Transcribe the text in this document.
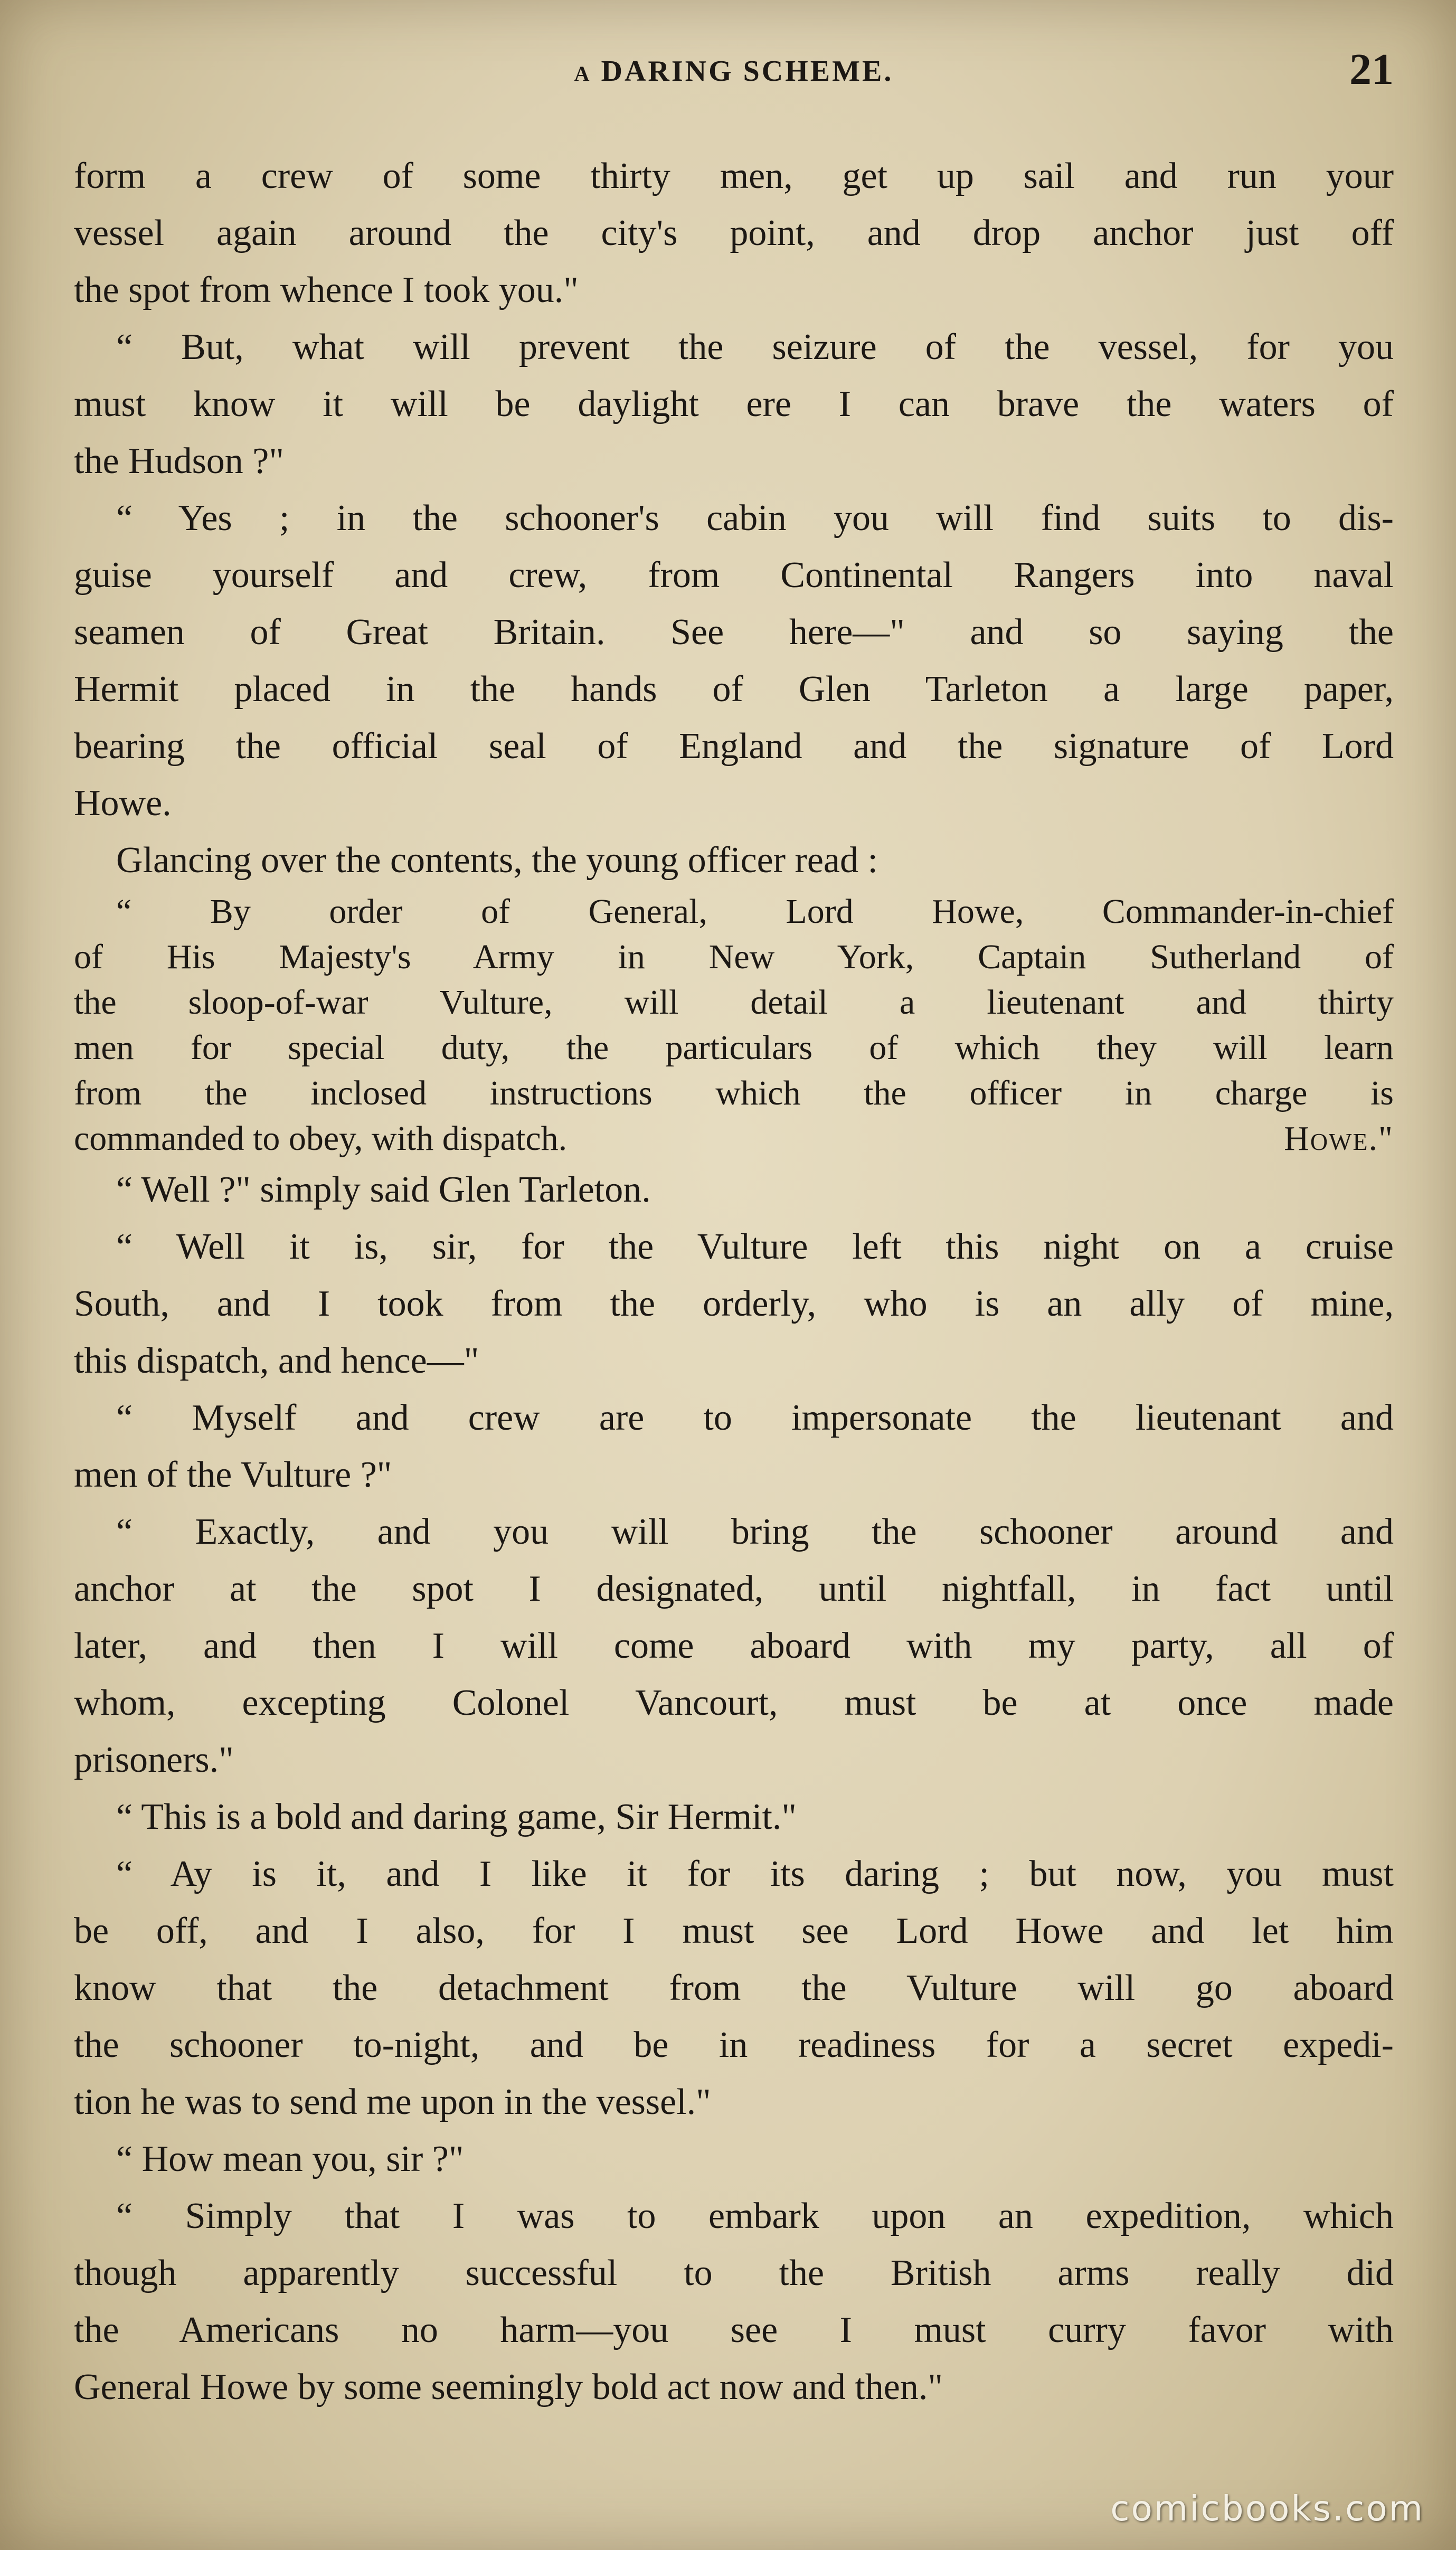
A DARING SCHEME.	21
form a crew of some thirty men, get up sail and run your
vessel again around the city's point, and drop anchor just off
the spot from whence I took you."
“ But, what will prevent the seizure of the vessel, for you
must know it will be daylight ere I can brave the waters of
the Hudson ?"
“ Yes ; in the schooner's cabin you will find suits to dis-
guise yourself and crew, from Continental Rangers into naval
seamen of Great Britain. See here—" and so saying the
Hermit placed in the hands of Glen Tarleton a large paper,
bearing the official seal of England and the signature of Lord
Howe.
Glancing over the contents, the young officer read :
“ By order of General, Lord Howe, Commander-in-chief
of His Majesty's Army in New York, Captain Sutherland of
the sloop-of-war Vulture, will detail a lieutenant and thirty
men for special duty, the particulars of which they will learn
from the inclosed instructions which the officer in charge is
commanded to obey, with dispatch.	Howe."
“ Well ?" simply said Glen Tarleton.
“ Well it is, sir, for the Vulture left this night on a cruise
South, and I took from the orderly, who is an ally of mine,
this dispatch, and hence—"
“ Myself and crew are to impersonate the lieutenant and
men of the Vulture ?"
“ Exactly, and you will bring the schooner around and
anchor at the spot I designated, until nightfall, in fact until
later, and then I will come aboard with my party, all of
whom, excepting Colonel Vancourt, must be at once made
prisoners."
“ This is a bold and daring game, Sir Hermit."
“ Ay is it, and I like it for its daring ; but now, you must
be off, and I also, for I must see Lord Howe and let him
know that the detachment from the Vulture will go aboard
the schooner to-night, and be in readiness for a secret expedi-
tion he was to send me upon in the vessel."
“ How mean you, sir ?"
“ Simply that I was to embark upon an expedition, which
though apparently successful to the British arms really did
the Americans no harm—you see I must curry favor with
General Howe by some seemingly bold act now and then."
comicbooks.com
